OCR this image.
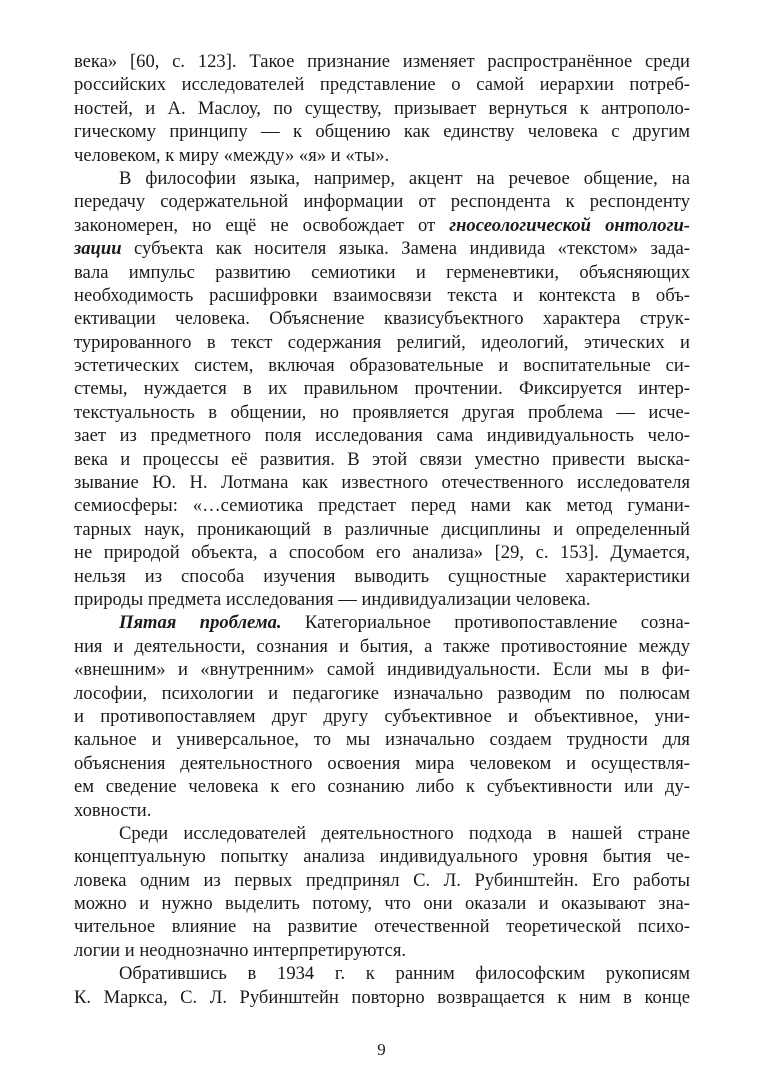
века» [60, с. 123]. Такое признание изменяет распространённое среди
российских исследователей представление о самой иерархии потреб-
ностей, и А. Маслоу, по существу, призывает вернуться к антрополо-
гическому принципу — к общению как единству человека с другим
человеком, к миру «между» «я» и «ты».
В философии языка, например, акцент на речевое общение, на
передачу содержательной информации от респондента к респонденту
закономерен, но ещё не освобождает от гносеологической онтологи-
зации субъекта как носителя языка. Замена индивида «текстом» зада-
вала импульс развитию семиотики и герменевтики, объясняющих
необходимость расшифровки взаимосвязи текста и контекста в объ-
ективации человека. Объяснение квазисубъектного характера струк-
турированного в текст содержания религий, идеологий, этических и
эстетических систем, включая образовательные и воспитательные си-
стемы, нуждается в их правильном прочтении. Фиксируется интер-
текстуальность в общении, но проявляется другая проблема — исче-
зает из предметного поля исследования сама индивидуальность чело-
века и процессы её развития. В этой связи уместно привести выска-
зывание Ю. Н. Лотмана как известного отечественного исследователя
семиосферы: «…семиотика предстает перед нами как метод гумани-
тарных наук, проникающий в различные дисциплины и определенный
не природой объекта, а способом его анализа» [29, с. 153]. Думается,
нельзя из способа изучения выводить сущностные характеристики
природы предмета исследования — индивидуализации человека.
Пятая проблема. Категориальное противопоставление созна-
ния и деятельности, сознания и бытия, а также противостояние между
«внешним» и «внутренним» самой индивидуальности. Если мы в фи-
лософии, психологии и педагогике изначально разводим по полюсам
и противопоставляем друг другу субъективное и объективное, уни-
кальное и универсальное, то мы изначально создаем трудности для
объяснения деятельностного освоения мира человеком и осуществля-
ем сведение человека к его сознанию либо к субъективности или ду-
ховности.
Среди исследователей деятельностного подхода в нашей стране
концептуальную попытку анализа индивидуального уровня бытия че-
ловека одним из первых предпринял С. Л. Рубинштейн. Его работы
можно и нужно выделить потому, что они оказали и оказывают зна-
чительное влияние на развитие отечественной теоретической психо-
логии и неоднозначно интерпретируются.
Обратившись в 1934 г. к ранним философским рукописям
К. Маркса, С. Л. Рубинштейн повторно возвращается к ним в конце
9
